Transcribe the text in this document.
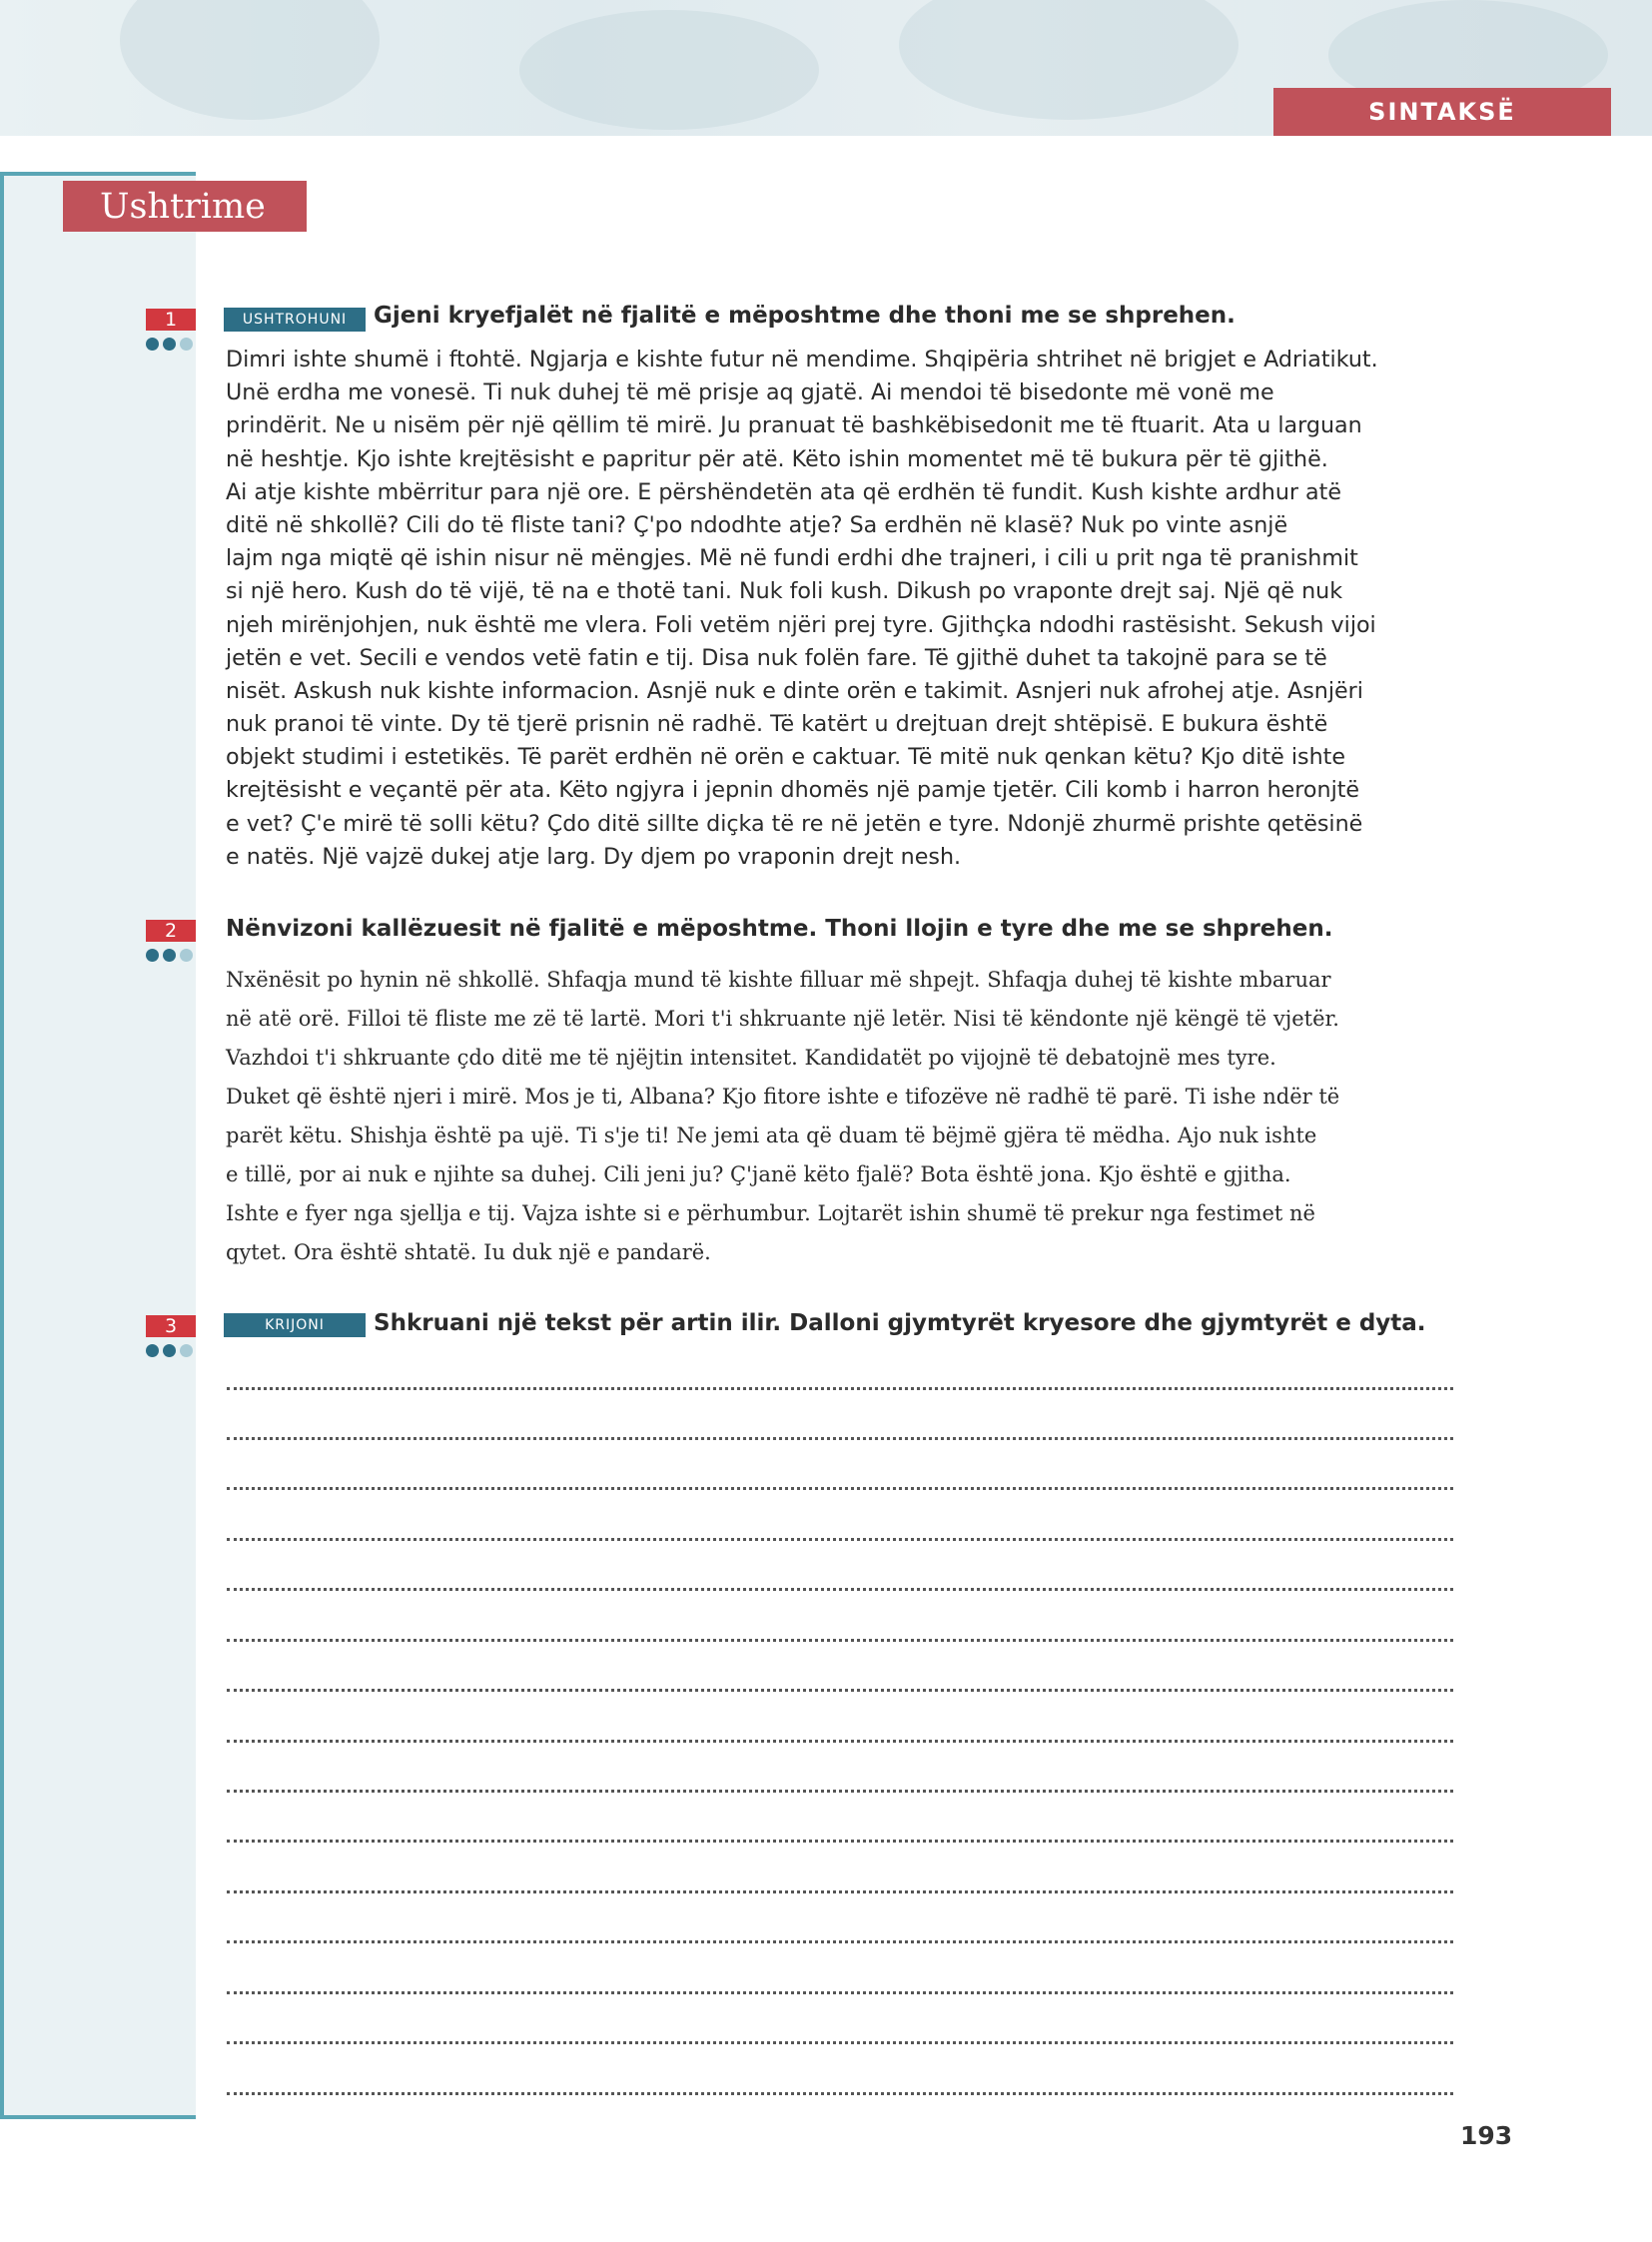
SINTAKSË
Ushtrime
1	USHTROHUNI	Gjeni kryefjalët në fjalitë e mëposhtme dhe thoni me se shprehen.
Dimri ishte shumë i ftohtë. Ngjarja e kishte futur në mendime. Shqipëria shtrihet në brigjet e Adriatikut.
Unë erdha me vonesë. Ti nuk duhej të më prisje aq gjatë. Ai mendoi të bisedonte më vonë me
prindërit. Ne u nisëm për një qëllim të mirë. Ju pranuat të bashkëbisedonit me të ftuarit. Ata u larguan
në heshtje. Kjo ishte krejtësisht e papritur për atë. Këto ishin momentet më të bukura për të gjithë.
Ai atje kishte mbërritur para një ore. E përshëndetën ata që erdhën të fundit. Kush kishte ardhur atë
ditë në shkollë? Cili do të fliste tani? Ç'po ndodhte atje? Sa erdhën në klasë? Nuk po vinte asnjë
lajm nga miqtë që ishin nisur në mëngjes. Më në fundi erdhi dhe trajneri, i cili u prit nga të pranishmit
si një hero. Kush do të vijë, të na e thotë tani. Nuk foli kush. Dikush po vraponte drejt saj. Një që nuk
njeh mirënjohjen, nuk është me vlera. Foli vetëm njëri prej tyre. Gjithçka ndodhi rastësisht. Sekush vijoi
jetën e vet. Secili e vendos vetë fatin e tij. Disa nuk folën fare. Të gjithë duhet ta takojnë para se të
nisët. Askush nuk kishte informacion. Asnjë nuk e dinte orën e takimit. Asnjeri nuk afrohej atje. Asnjëri
nuk pranoi të vinte. Dy të tjerë prisnin në radhë. Të katërt u drejtuan drejt shtëpisë. E bukura është
objekt studimi i estetikës. Të parët erdhën në orën e caktuar. Të mitë nuk qenkan këtu? Kjo ditë ishte
krejtësisht e veçantë për ata. Këto ngjyra i jepnin dhomës një pamje tjetër. Cili komb i harron heronjtë
e vet? Ç'e mirë të solli këtu? Çdo ditë sillte diçka të re në jetën e tyre. Ndonjë zhurmë prishte qetësinë
e natës. Një vajzë dukej atje larg. Dy djem po vraponin drejt nesh.
2	Nënvizoni kallëzuesit në fjalitë e mëposhtme. Thoni llojin e tyre dhe me se shprehen.
Nxënësit po hynin në shkollë. Shfaqja mund të kishte filluar më shpejt. Shfaqja duhej të kishte mbaruar
në atë orë. Filloi të fliste me zë të lartë. Mori t'i shkruante një letër. Nisi të këndonte një këngë të vjetër.
Vazhdoi t'i shkruante çdo ditë me të njëjtin intensitet. Kandidatët po vijojnë të debatojnë mes tyre.
Duket që është njeri i mirë. Mos je ti, Albana? Kjo fitore ishte e tifozëve në radhë të parë. Ti ishe ndër të
parët këtu. Shishja është pa ujë. Ti s'je ti! Ne jemi ata që duam të bëjmë gjëra të mëdha. Ajo nuk ishte
e tillë, por ai nuk e njihte sa duhej. Cili jeni ju? Ç'janë këto fjalë? Bota është jona. Kjo është e gjitha.
Ishte e fyer nga sjellja e tij. Vajza ishte si e përhumbur. Lojtarët ishin shumë të prekur nga festimet në
qytet. Ora është shtatë. Iu duk një e pandarë.
3	KRIJONI	Shkruani një tekst për artin ilir. Dalloni gjymtyrët kryesore dhe gjymtyrët e dyta.
193
